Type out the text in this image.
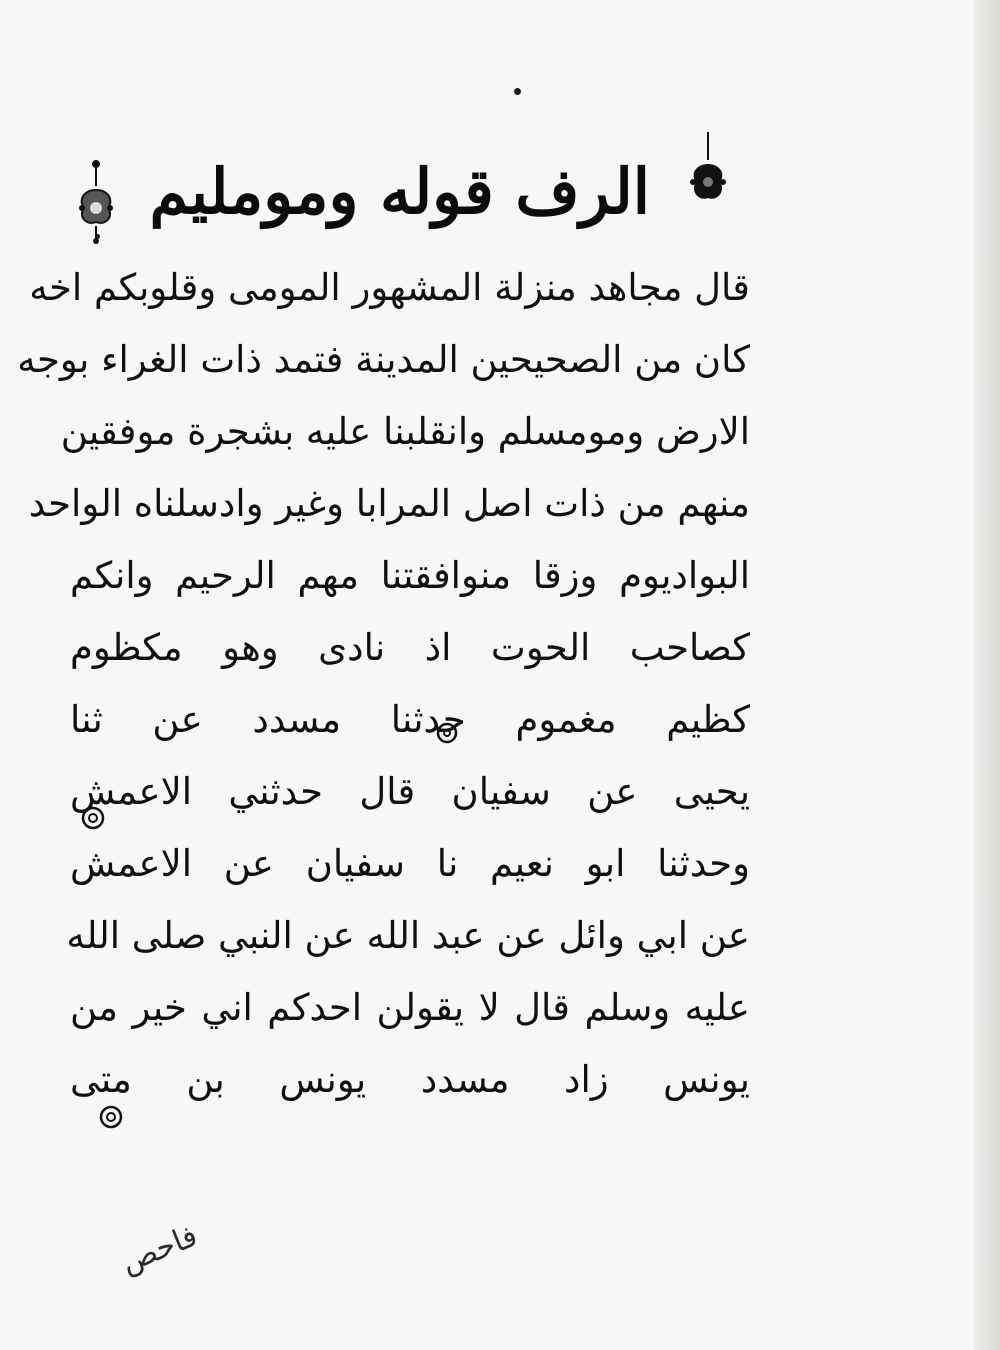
الرف قوله ومومليم
قال مجاهد منزلة المشهور المومى وقلوبكم اخه
كان من الصحيحين المدينة فتمد ذات الغراء بوجه
الارض ومومسلم وانقلبنا عليه بشجرة موفقين
منهم من ذات اصل المرابا وغير وادسلناه الواحد
البواديوم وزقا منوافقتنا مهم الرحيم وانكم
كصاحب الحوت اذ نادى وهو مكظوم
كظيم مغموم حدثنا مسدد عن ثنا
يحيى عن سفيان قال حدثني الاعمش
وحدثنا ابو نعيم نا سفيان عن الاعمش
عن ابي وائل عن عبد الله عن النبي صلى الله
عليه وسلم قال لا يقولن احدكم اني خير من
يونس زاد مسدد يونس بن متى
فاحص
